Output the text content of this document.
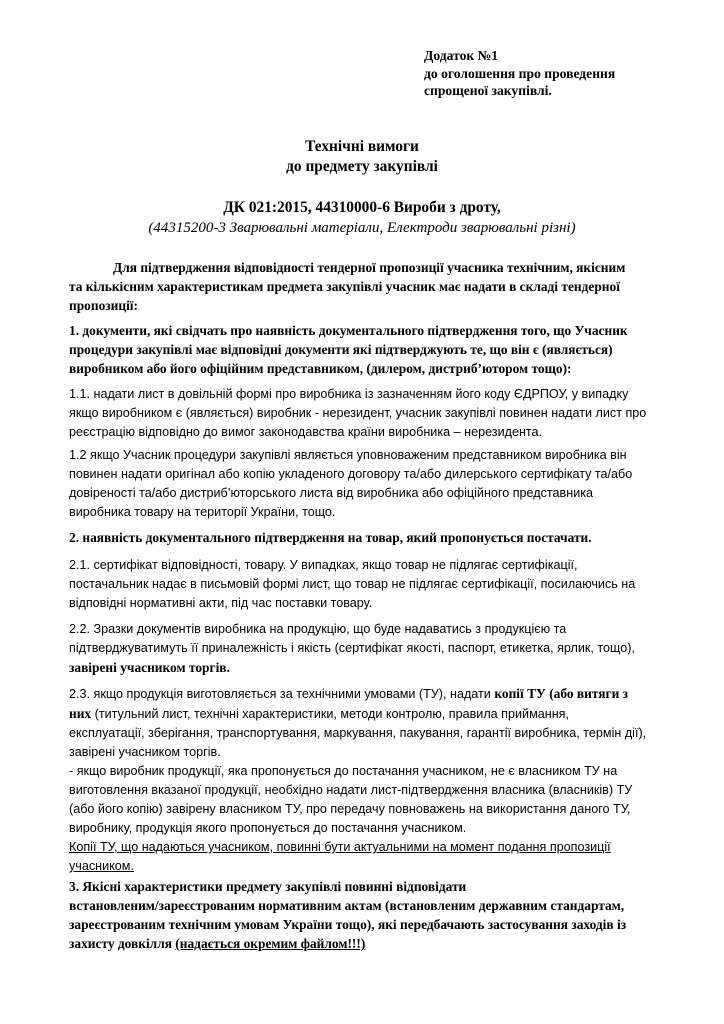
Додаток №1
до оголошення про проведення
спрощеної закупівлі.
Технічні вимоги
до предмету закупівлі
ДК 021:2015, 44310000-6 Вироби з дроту,
(44315200-3 Зварювальні матеріали, Електроди зварювальні різні)
Для підтвердження відповідності тендерної пропозиції учасника технічним, якісним
та кількісним характеристикам предмета закупівлі учасник має надати в складі тендерної
пропозиції:
1. документи, які свідчать про наявність документального підтвердження того, що Учасник
процедури закупівлі має відповідні документи які підтверджують те, що він є (являється)
виробником або його офіційним представником, (дилером, дистриб’ютором тощо):
1.1. надати лист в довільній формі про виробника із зазначенням його коду ЄДРПОУ, у випадку
якщо виробником є (являється) виробник - нерезидент, учасник закупівлі повинен надати лист про
реєстрацію відповідно до вимог законодавства країни виробника – нерезидента.
1.2 якщо Учасник процедури закупівлі являється уповноваженим представником виробника він
повинен надати оригінал або копію укладеного договору та/або дилерського сертифікату та/або
довіреності та/або дистриб’юторського листа від виробника або офіційного представника
виробника товару на території України, тощо.
2. наявність документального підтвердження на товар, який пропонується постачати.
2.1. сертифікат відповідності, товару. У випадках, якщо товар не підлягає сертифікації,
постачальник надає в письмовій формі лист, що товар не підлягає сертифікації, посилаючись на
відповідні нормативні акти, під час поставки товару.
2.2. Зразки документів виробника на продукцію, що буде надаватись з продукцією та
підтверджуватимуть її приналежність і якість (сертифікат якості, паспорт, етикетка, ярлик, тощо),
завірені учасником торгів.
2.3. якщо продукція виготовляється за технічними умовами (ТУ), надати копії ТУ (або витяги з
них (титульний лист, технічні характеристики, методи контролю, правила приймання,
експлуатації, зберігання, транспортування, маркування, пакування, гарантії виробника, термін дії),
завірені учасником торгів.
- якщо виробник продукції, яка пропонується до постачання учасником, не є власником ТУ на
виготовлення вказаної продукції, необхідно надати лист-підтвердження власника (власників) ТУ
(або його копію) завірену власником ТУ, про передачу повноважень на використання даного ТУ,
виробнику, продукція якого пропонується до постачання учасником.
Копії ТУ, що надаються учасником, повинні бути актуальними на момент подання пропозиції
учасником.
3. Якісні характеристики предмету закупівлі повинні відповідати
встановленим/зареєстрованим нормативним актам (встановленим державним стандартам,
зареєстрованим технічним умовам України тощо), які передбачають застосування заходів із
захисту довкілля (надається окремим файлом!!!)
